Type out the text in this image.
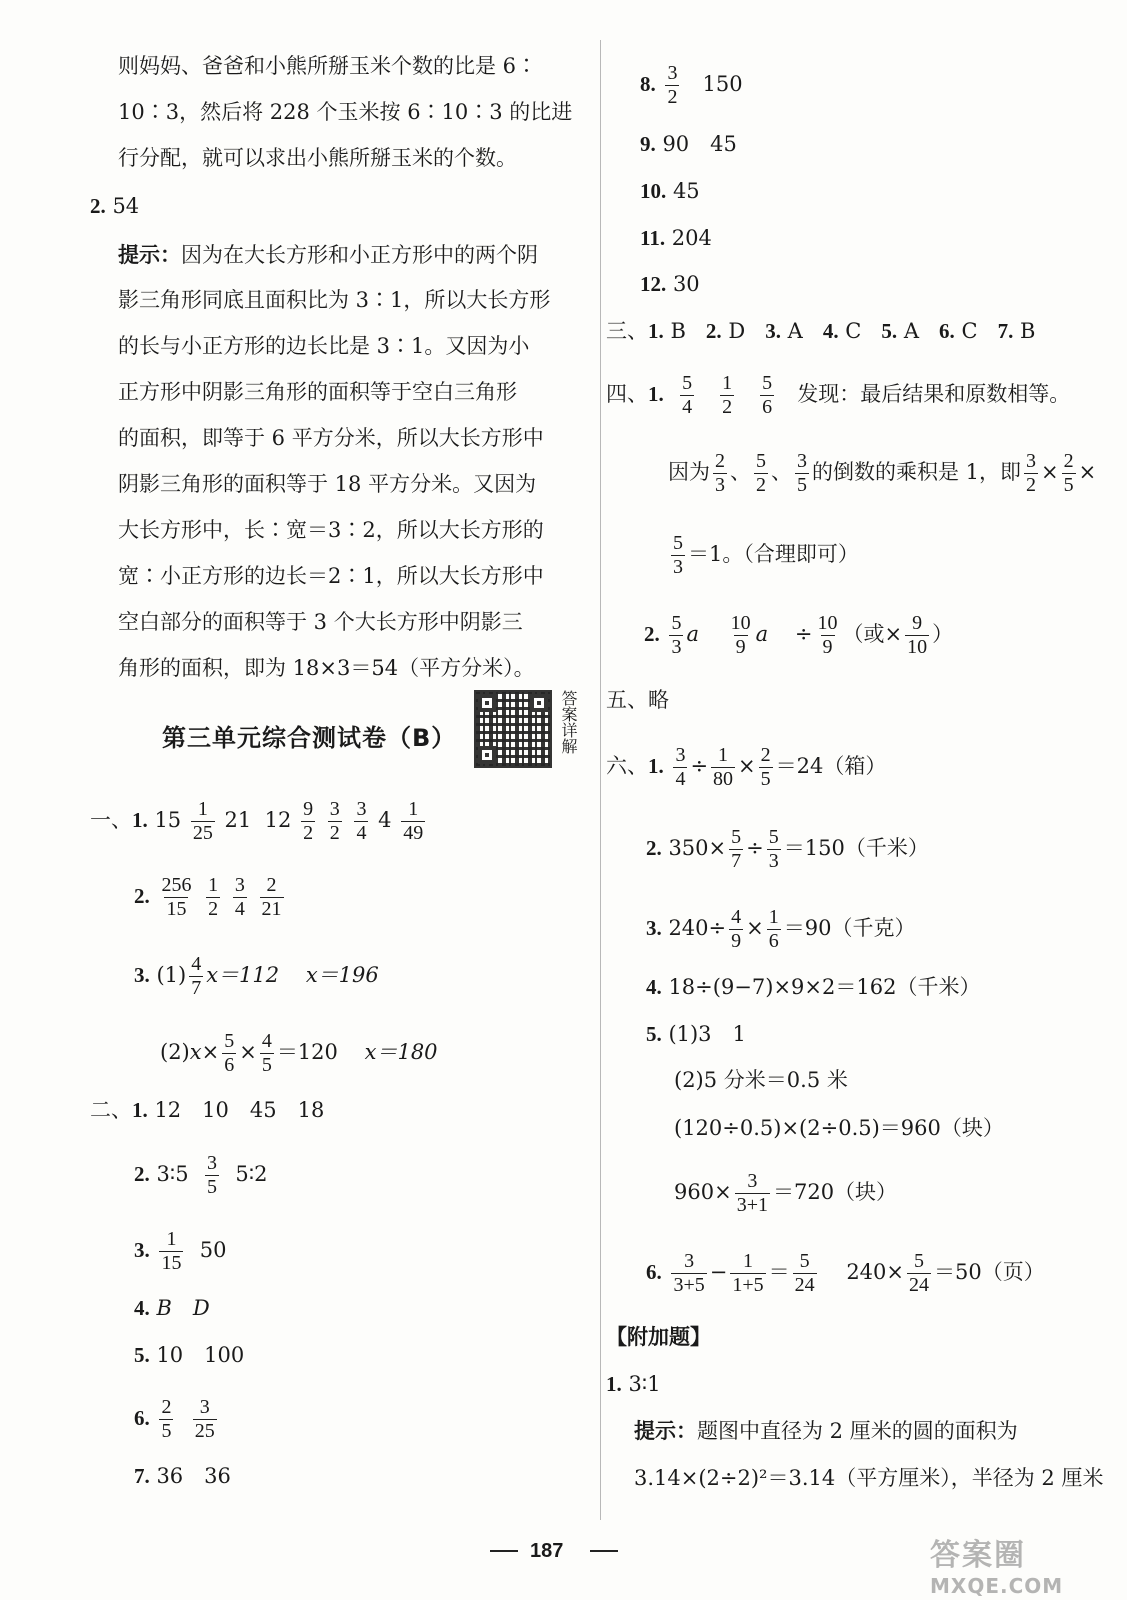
则妈妈、爸爸和小熊所掰玉米个数的比是 6∶
10∶3，然后将 228 个玉米按 6∶10∶3 的比进
行分配，就可以求出小熊所掰玉米的个数。
2. 54
提示：因为在大长方形和小正方形中的两个阴
影三角形同底且面积比为 3∶1，所以大长方形
的长与小正方形的边长比是 3∶1。又因为小
正方形中阴影三角形的面积等于空白三角形
的面积，即等于 6 平方分米，所以大长方形中
阴影三角形的面积等于 18 平方分米。又因为
大长方形中，长∶宽＝3∶2，所以大长方形的
宽∶小正方形的边长＝2∶1，所以大长方形中
空白部分的面积等于 3 个大长方形中阴影三
角形的面积，即为 18×3＝54（平方分米）。
第三单元综合测试卷（B）	答案详解
一、1. $15 \frac{1}{25} 21$ $12 \frac{9}{2}$
$\frac{3}{2}$
$\frac{3}{4} 4 \frac{1}{49}$
2. $\frac{256}{15}$
$\frac{1}{2}$
$\frac{3}{4}$
$\frac{2}{21}$
3. $(1) \frac{4}{7} x=112$ x＝196
$(2)x\times \frac{5}{6} \times \frac{4}{5} =120$ x＝180
二、1. 12　10　45　18
2. 3∶5 $\frac{3}{5}$ 5∶2
3. $\frac{1}{15} 50$
4. B　D
5. 10　100
6. $\frac{2}{5}$
$\frac{3}{25}$
7. 36　36
8. $\frac{3}{2} 150$
9. 90　45
10. 45
11. 204
12. 30
三、1. B 2. D 3. A 4. C 5. A 6. C 7. B
四、1. $\frac{5}{4}$
$\frac{1}{2}$
$\frac{5}{6}$ 发现：最后结果和原数相等。
因为 $\frac{2}{3}$ 、 $\frac{5}{2}$ 、 $\frac{3}{5}$ 的倒数的乘积是 1，即 $\frac{3}{2} \times \frac{2}{5}$ ×
$\frac{5}{3} =1$。（合理即可）
2. $\frac{5}{3}$ a $\frac{10}{9}$ $a \div \frac{10}{9}$ （或× $\frac{9}{10}$ ）
五、略
六、1. $\frac{3}{4} \div \frac{1}{80} \times \frac{2}{5} =24$（箱）
2. $350\times \frac{5}{7} \div \frac{5}{3} =150$（千米）
3. $240\div \frac{4}{9} \times \frac{1}{6} =90$（千克）
4. 18÷(9−7)×9×2＝162（千米）
5. (1)3　1
(2)5 分米＝0.5 米
(120÷0.5)×(2÷0.5)＝960（块）
$960\times \frac{3}{3+1} =720$（块）
6. $\frac{3}{3+5} - \frac{1}{1+5} = \frac{5}{24} 240\times \frac{5}{24} =50$（页）
【附加题】
1. 3∶1
提示：题图中直径为 2 厘米的圆的面积为
3.14×(2÷2)²＝3.14（平方厘米），半径为 2 厘米
187	答案圈
MXQE.COM
